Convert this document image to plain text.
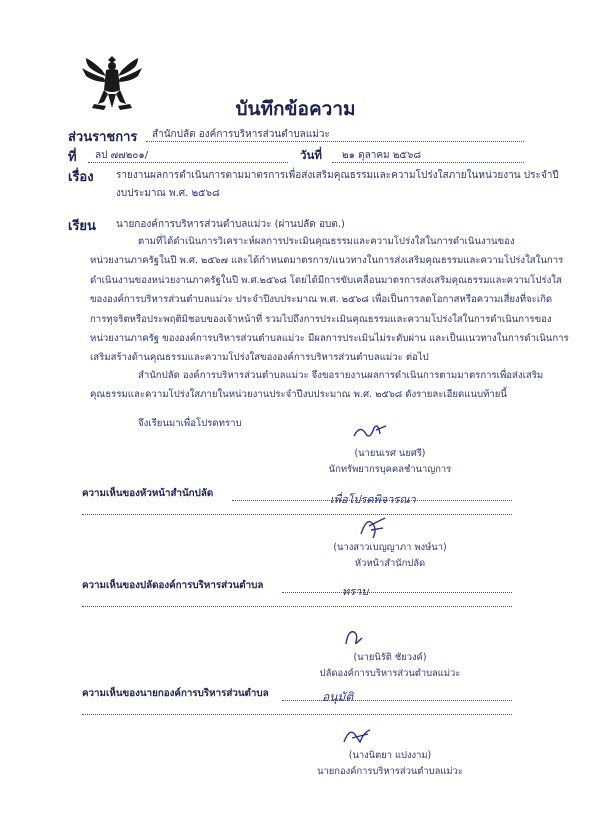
บันทึกข้อความ
ส่วนราชการ สำนักปลัด องค์การบริหารส่วนตำบลแม่วะ
ที่ ลป ๗๗๒๐๑/	วันที่ ๒๑ ตุลาคม ๒๕๖๘
เรื่อง รายงานผลการดำเนินการตามมาตรการเพื่อส่งเสริมคุณธรรมและความโปร่งใสภายในหน่วยงาน ประจำปี
งบประมาณ พ.ศ. ๒๕๖๘
เรียน นายกองค์การบริหารส่วนตำบลแม่วะ (ผ่านปลัด อบต.)
ตามที่ได้ดำเนินการวิเคราะห์ผลการประเมินคุณธรรมและความโปร่งใสในการดำเนินงานของ
หน่วยงานภาครัฐในปี พ.ศ. ๒๕๖๗ และได้กำหนดมาตรการ/แนวทางในการส่งเสริมคุณธรรมและความโปร่งใสในการ
ดำเนินงานของหน่วยงานภาครัฐในปี พ.ศ.๒๕๖๘ โดยได้มีการขับเคลื่อนมาตรการส่งเสริมคุณธรรมและความโปร่งใส
ขององค์การบริหารส่วนตำบลแม่วะ ประจำปีงบประมาณ พ.ศ. ๒๕๖๘ เพื่อเป็นการลดโอกาสหรือความเสี่ยงที่จะเกิด
การทุจริตหรือประพฤติมิชอบของเจ้าหน้าที่ รวมไปถึงการประเมินคุณธรรมและความโปร่งใสในการดำเนินการของ
หน่วยงานภาครัฐ ขององค์การบริหารส่วนตำบลแม่วะ มีผลการประเมินไม่ระดับผ่าน และเป็นแนวทางในการดำเนินการ
เสริมสร้างด้านคุณธรรมและความโปร่งใสขององค์การบริหารส่วนตำบลแม่วะ ต่อไป
สำนักปลัด องค์การบริหารส่วนตำบลแม่วะ จึงขอรายงานผลการดำเนินการตามมาตรการเพื่อส่งเสริม
คุณธรรมและความโปร่งใสภายในหน่วยงานประจำปีงบประมาณ พ.ศ. ๒๕๖๘ ดังรายละเอียดแนบท้ายนี้
จึงเรียนมาเพื่อโปรดทราบ
(นายนเรศ นยศรี)
นักทรัพยากรบุคคลชำนาญการ
ความเห็นของหัวหน้าสำนักปลัด	เพื่อโปรดพิจารณา
(นางสาวเบญญาภา พงษ์นา)
หัวหน้าสำนักปลัด
ความเห็นของปลัดองค์การบริหารส่วนตำบล	ทราบ
(นายนิรัติ ชัยวงค์)
ปลัดองค์การบริหารส่วนตำบลแม่วะ
ความเห็นของนายกองค์การบริหารส่วนตำบล	อนุมัติ
(นางนิตยา แปงงาม)
นายกองค์การบริหารส่วนตำบลแม่วะ
